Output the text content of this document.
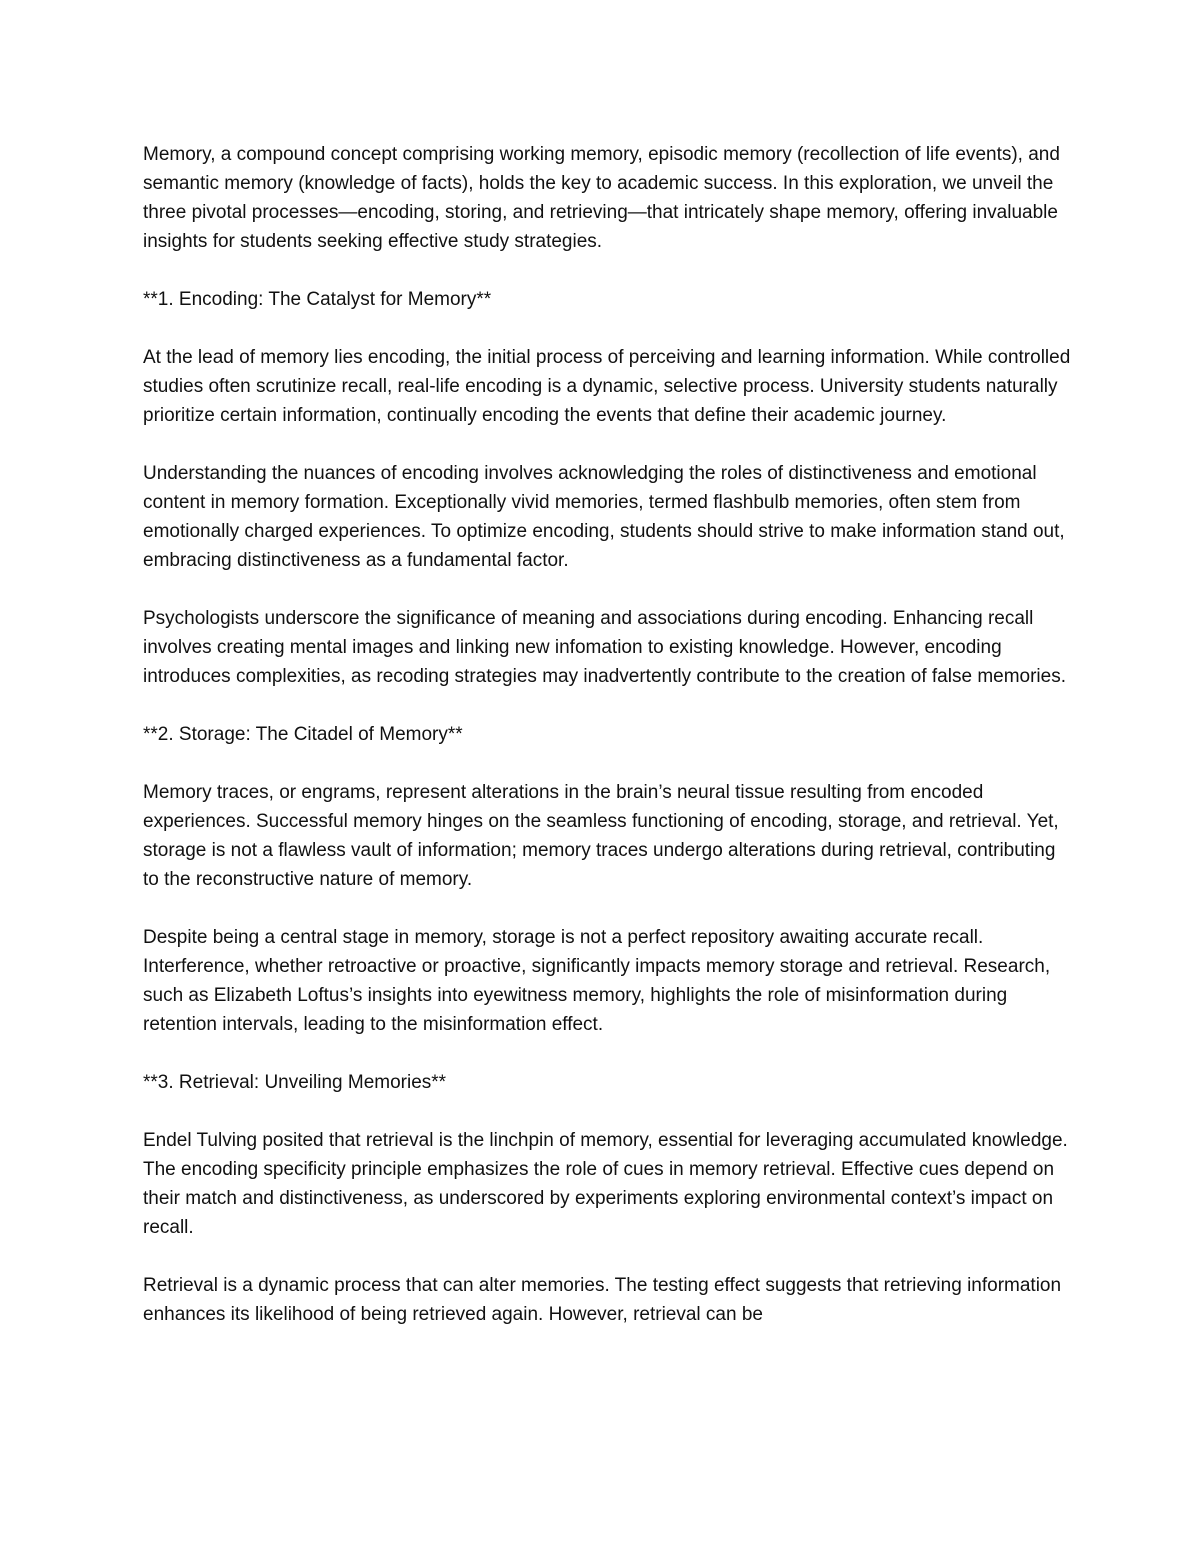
Memory, a compound concept comprising working memory, episodic memory (recollection of life events), and semantic memory (knowledge of facts), holds the key to academic success. In this exploration, we unveil the three pivotal processes—encoding, storing, and retrieving—that intricately shape memory, offering invaluable insights for students seeking effective study strategies.

**1. Encoding: The Catalyst for Memory**

At the lead of memory lies encoding, the initial process of perceiving and learning information. While controlled studies often scrutinize recall, real-life encoding is a dynamic, selective process. University students naturally prioritize certain information, continually encoding the events that define their academic journey.

Understanding the nuances of encoding involves acknowledging the roles of distinctiveness and emotional content in memory formation. Exceptionally vivid memories, termed flashbulb memories, often stem from emotionally charged experiences. To optimize encoding, students should strive to make information stand out, embracing distinctiveness as a fundamental factor.

Psychologists underscore the significance of meaning and associations during encoding. Enhancing recall involves creating mental images and linking new infomation to existing knowledge. However, encoding introduces complexities, as recoding strategies may inadvertently contribute to the creation of false memories.

**2. Storage: The Citadel of Memory**

Memory traces, or engrams, represent alterations in the brain’s neural tissue resulting from encoded experiences. Successful memory hinges on the seamless functioning of encoding, storage, and retrieval. Yet, storage is not a flawless vault of information; memory traces undergo alterations during retrieval, contributing to the reconstructive nature of memory.

Despite being a central stage in memory, storage is not a perfect repository awaiting accurate recall. Interference, whether retroactive or proactive, significantly impacts memory storage and retrieval. Research, such as Elizabeth Loftus’s insights into eyewitness memory, highlights the role of misinformation during retention intervals, leading to the misinformation effect.

**3. Retrieval: Unveiling Memories**

Endel Tulving posited that retrieval is the linchpin of memory, essential for leveraging accumulated knowledge. The encoding specificity principle emphasizes the role of cues in memory retrieval. Effective cues depend on their match and distinctiveness, as underscored by experiments exploring environmental context’s impact on recall.

Retrieval is a dynamic process that can alter memories. The testing effect suggests that retrieving information enhances its likelihood of being retrieved again. However, retrieval can be
